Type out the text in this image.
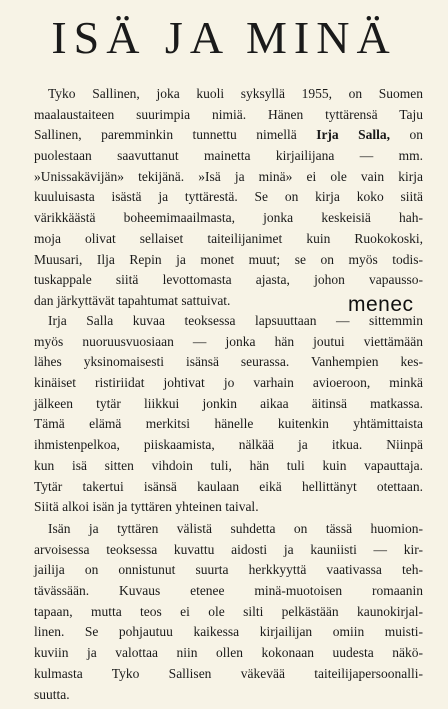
ISÄ JA MINÄ
Tyko Sallinen, joka kuoli syksyllä 1955, on Suomen
maalaustaiteen suurimpia nimiä. Hänen tyttärensä Taju
Sallinen, paremminkin tunnettu nimellä Irja Salla, on
puolestaan saavuttanut mainetta kirjailijana — mm.
»Unissakävijän» tekijänä. »Isä ja minä» ei ole vain kirja
kuuluisasta isästä ja tyttärestä. Se on kirja koko siitä
värikkäästä boheemimaailmasta, jonka keskeisiä hah-
moja olivat sellaiset taiteilijanimet kuin Ruokokoski,
Muusari, Ilja Repin ja monet muut; se on myös todis-
tuskappale siitä levottomasta ajasta, johon vapausso-
dan järkyttävät tapahtumat sattuivat.	menec
Irja Salla kuvaa teoksessa lapsuuttaan — sittemmin
myös nuoruusvuosiaan — jonka hän joutui viettämään
lähes yksinomaisesti isänsä seurassa. Vanhempien kes-
kinäiset ristiriidat johtivat jo varhain avioeroon, minkä
jälkeen tytär liikkui jonkin aikaa äitinsä matkassa.
Tämä elämä merkitsi hänelle kuitenkin yhtämittaista
ihmistenpelkoa, piiskaamista, nälkää ja itkua. Niinpä
kun isä sitten vihdoin tuli, hän tuli kuin vapauttaja.
Tytär takertui isänsä kaulaan eikä hellittänyt otettaan.
Siitä alkoi isän ja tyttären yhteinen taival.
Isän ja tyttären välistä suhdetta on tässä huomion-
arvoisessa teoksessa kuvattu aidosti ja kauniisti — kir-
jailija on onnistunut suurta herkkyyttä vaativassa teh-
tävässään. Kuvaus etenee minä-muotoisen romaanin
tapaan, mutta teos ei ole silti pelkästään kaunokirjal-
linen. Se pohjautuu kaikessa kirjailijan omiin muisti-
kuviin ja valottaa niin ollen kokonaan uudesta näkö-
kulmasta Tyko Sallisen väkevää taiteilijapersoonalli-
suutta.
